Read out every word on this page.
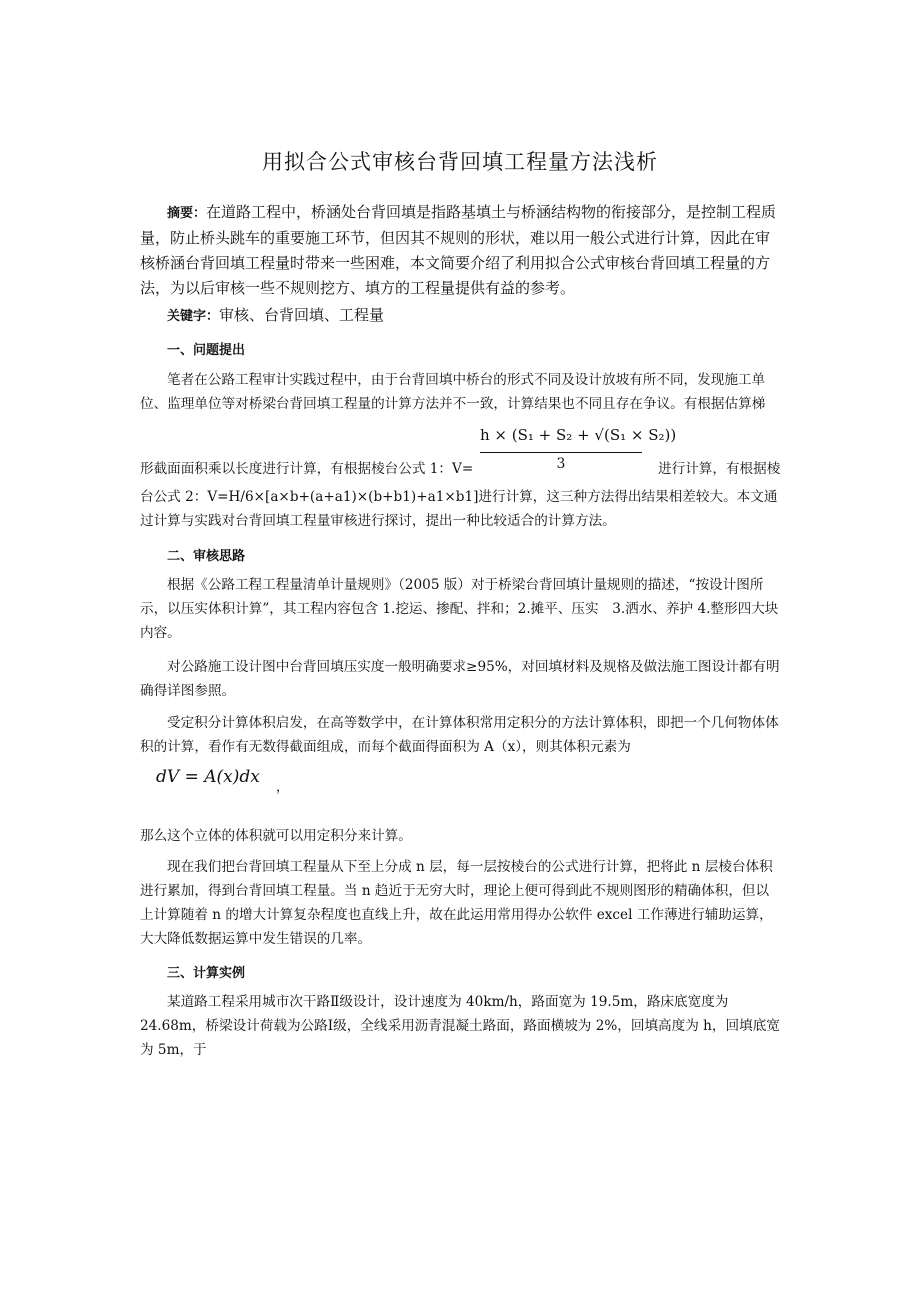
用拟合公式审核台背回填工程量方法浅析
摘要：在道路工程中，桥涵处台背回填是指路基填土与桥涵结构物的衔接部分，是控制工程质量，防止桥头跳车的重要施工环节，但因其不规则的形状，难以用一般公式进行计算，因此在审核桥涵台背回填工程量时带来一些困难，本文简要介绍了利用拟合公式审核台背回填工程量的方法，为以后审核一些不规则挖方、填方的工程量提供有益的参考。
关键字：审核、台背回填、工程量
一、问题提出
笔者在公路工程审计实践过程中，由于台背回填中桥台的形式不同及设计放坡有所不同，发现施工单位、监理单位等对桥梁台背回填工程量的计算方法并不一致，计算结果也不同且存在争议。有根据估算梯
形截面面积乘以长度进行计算，有根据棱台公式 1：V=
h × (S₁ + S₂ + √(S₁ × S₂))
3	进行计算，有根据棱
台公式 2：V=H/6×[a×b+(a+a1)×(b+b1)+a1×b1]进行计算，这三种方法得出结果相差较大。本文通过计算与实践对台背回填工程量审核进行探讨，提出一种比较适合的计算方法。
二、审核思路
根据《公路工程工程量清单计量规则》（2005 版）对于桥梁台背回填计量规则的描述，“按设计图所示，以压实体积计算”，其工程内容包含 1.挖运、掺配、拌和；2.摊平、压实　3.洒水、养护 4.整形四大块内容。
对公路施工设计图中台背回填压实度一般明确要求≥95%，对回填材料及规格及做法施工图设计都有明确得详图参照。
受定积分计算体积启发，在高等数学中，在计算体积常用定积分的方法计算体积，即把一个几何物体体积的计算，看作有无数得截面组成，而每个截面得面积为 A（x），则其体积元素为
dV = A(x)dx
，
那么这个立体的体积就可以用定积分来计算。
现在我们把台背回填工程量从下至上分成 n 层，每一层按棱台的公式进行计算，把将此 n 层棱台体积进行累加，得到台背回填工程量。当 n 趋近于无穷大时，理论上便可得到此不规则图形的精确体积，但以上计算随着 n 的增大计算复杂程度也直线上升，故在此运用常用得办公软件 excel 工作薄进行辅助运算，大大降低数据运算中发生错误的几率。
三、计算实例
某道路工程采用城市次干路Ⅱ级设计，设计速度为 40km/h，路面宽为 19.5m，路床底宽度为 24.68m，桥梁设计荷载为公路Ⅰ级，全线采用沥青混凝土路面，路面横坡为 2%，回填高度为 h，回填底宽为 5m，于
